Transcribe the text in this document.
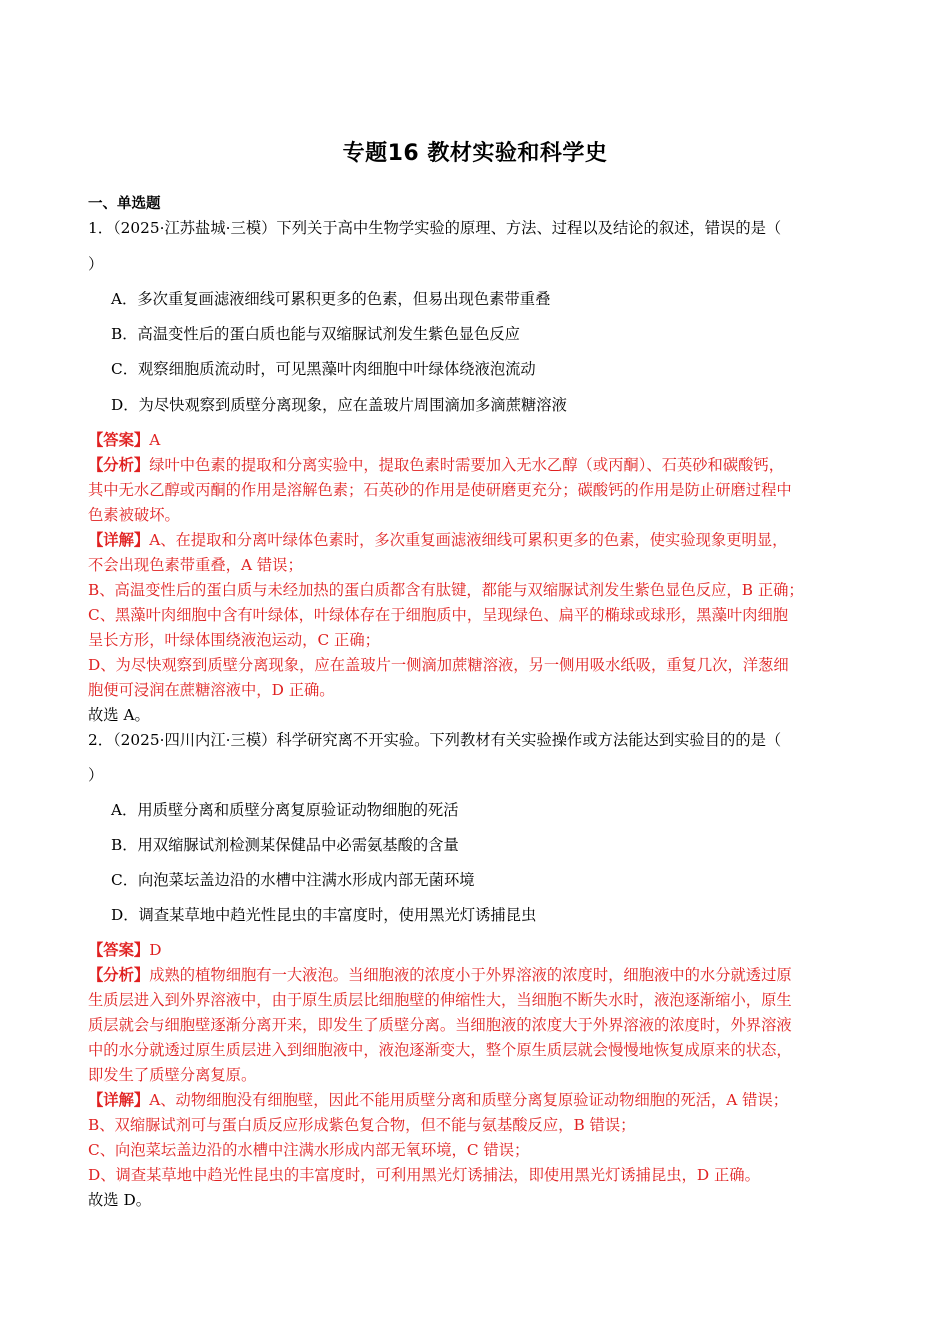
专题16 教材实验和科学史
一、单选题
1．（2025·江苏盐城·三模）下列关于高中生物学实验的原理、方法、过程以及结论的叙述，错误的是（
）
A．多次重复画滤液细线可累积更多的色素，但易出现色素带重叠
B．高温变性后的蛋白质也能与双缩脲试剂发生紫色显色反应
C．观察细胞质流动时，可见黑藻叶肉细胞中叶绿体绕液泡流动
D．为尽快观察到质壁分离现象，应在盖玻片周围滴加多滴蔗糖溶液
【答案】A
【分析】绿叶中色素的提取和分离实验中，提取色素时需要加入无水乙醇（或丙酮）、石英砂和碳酸钙，
其中无水乙醇或丙酮的作用是溶解色素；石英砂的作用是使研磨更充分；碳酸钙的作用是防止研磨过程中
色素被破坏。
【详解】A、在提取和分离叶绿体色素时，多次重复画滤液细线可累积更多的色素，使实验现象更明显，
不会出现色素带重叠，A 错误；
B、高温变性后的蛋白质与未经加热的蛋白质都含有肽键，都能与双缩脲试剂发生紫色显色反应，B 正确；
C、黑藻叶肉细胞中含有叶绿体，叶绿体存在于细胞质中，呈现绿色、扁平的椭球或球形，黑藻叶肉细胞
呈长方形，叶绿体围绕液泡运动，C 正确；
D、为尽快观察到质壁分离现象，应在盖玻片一侧滴加蔗糖溶液，另一侧用吸水纸吸，重复几次，洋葱细
胞便可浸润在蔗糖溶液中，D 正确。
故选 A。
2．（2025·四川内江·三模）科学研究离不开实验。下列教材有关实验操作或方法能达到实验目的的是（
）
A．用质壁分离和质壁分离复原验证动物细胞的死活
B．用双缩脲试剂检测某保健品中必需氨基酸的含量
C．向泡菜坛盖边沿的水槽中注满水形成内部无菌环境
D．调查某草地中趋光性昆虫的丰富度时，使用黑光灯诱捕昆虫
【答案】D
【分析】成熟的植物细胞有一大液泡。当细胞液的浓度小于外界溶液的浓度时，细胞液中的水分就透过原
生质层进入到外界溶液中，由于原生质层比细胞壁的伸缩性大，当细胞不断失水时，液泡逐渐缩小，原生
质层就会与细胞壁逐渐分离开来，即发生了质壁分离。当细胞液的浓度大于外界溶液的浓度时，外界溶液
中的水分就透过原生质层进入到细胞液中，液泡逐渐变大，整个原生质层就会慢慢地恢复成原来的状态，
即发生了质壁分离复原。
【详解】A、动物细胞没有细胞壁，因此不能用质壁分离和质壁分离复原验证动物细胞的死活，A 错误；
B、双缩脲试剂可与蛋白质反应形成紫色复合物，但不能与氨基酸反应，B 错误；
C、向泡菜坛盖边沿的水槽中注满水形成内部无氧环境，C 错误；
D、调查某草地中趋光性昆虫的丰富度时，可利用黑光灯诱捕法，即使用黑光灯诱捕昆虫，D 正确。
故选 D。
